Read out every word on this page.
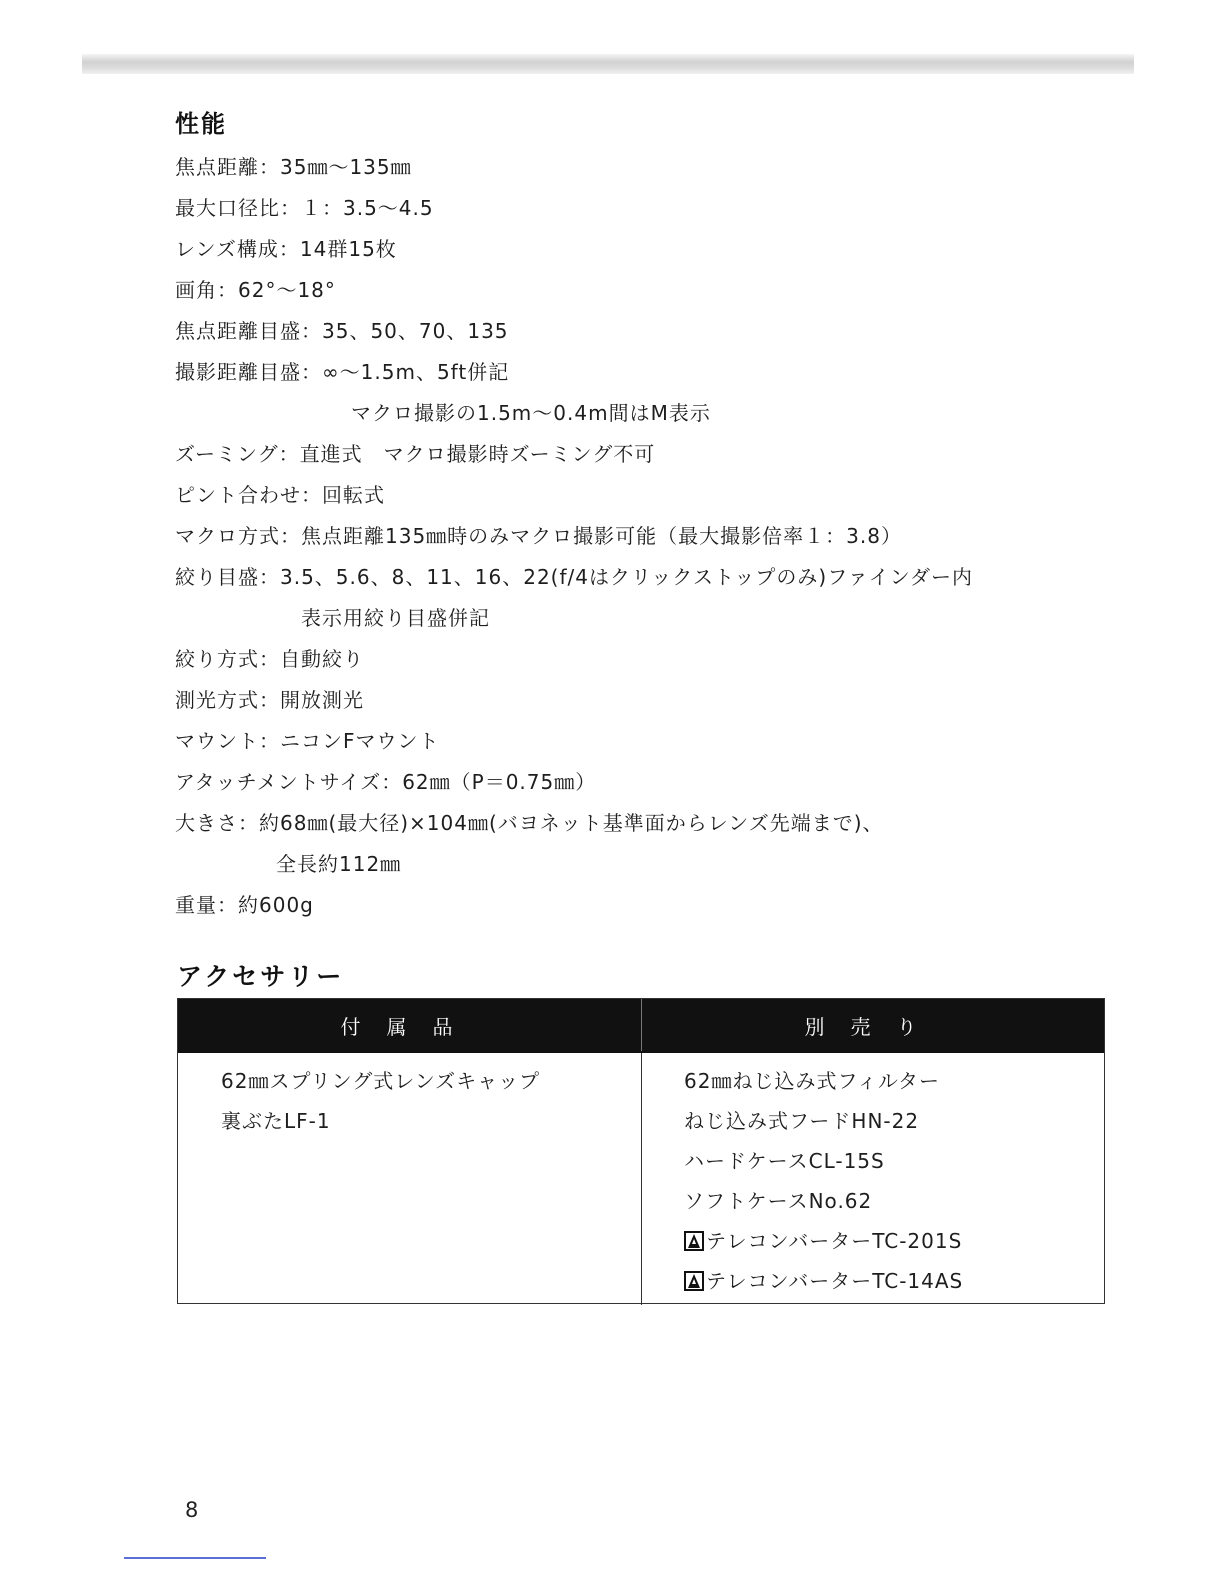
性能
焦点距離：35㎜～135㎜
最大口径比：１：3.5～4.5
レンズ構成：14群15枚
画角：62°～18°
焦点距離目盛：35、50、70、135
撮影距離目盛：∞～1.5m、5ft併記
マクロ撮影の1.5m～0.4m間はM表示
ズーミング：直進式　マクロ撮影時ズーミング不可
ピント合わせ：回転式
マクロ方式：焦点距離135㎜時のみマクロ撮影可能（最大撮影倍率１：3.8）
絞り目盛：3.5、5.6、8、11、16、22(f/4はクリックストップのみ)ファインダー内
表示用絞り目盛併記
絞り方式：自動絞り
測光方式：開放測光
マウント：ニコンFマウント
アタッチメントサイズ：62㎜（P＝0.75㎜）
大きさ：約68㎜(最大径)×104㎜(バヨネット基準面からレンズ先端まで)、
全長約112㎜
重量：約600g
アクセサリー
付属品	別売り
62㎜スプリング式レンズキャップ
裏ぶたLF-1
62㎜ねじ込み式フィルター
ねじ込み式フードHN-22
ハードケースCL-15S
ソフトケースNo.62
テレコンバーターTC-201S
テレコンバーターTC-14AS
8
